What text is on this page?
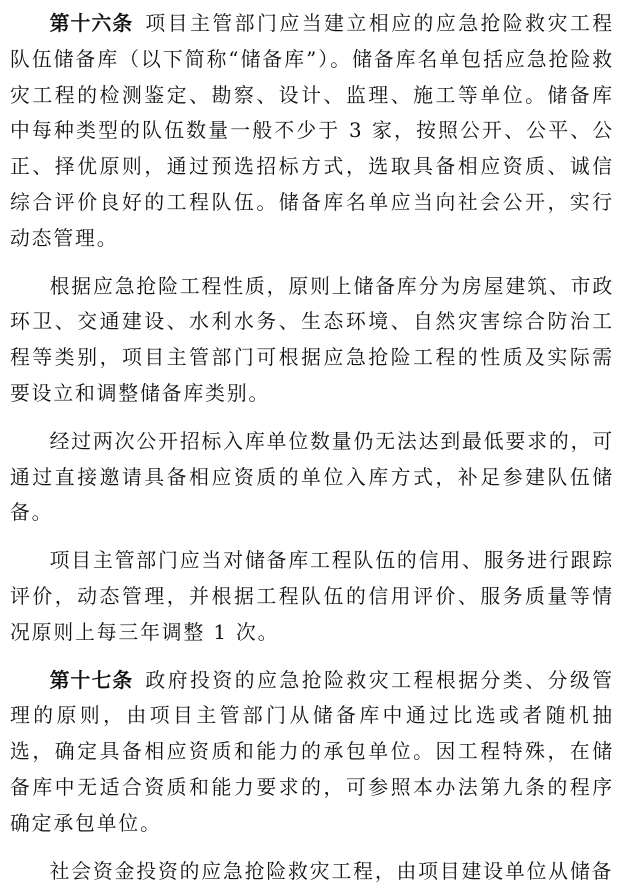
第十六条 项目主管部门应当建立相应的应急抢险救灾工程队伍储备库（以下简称“储备库”）。储备库名单包括应急抢险救灾工程的检测鉴定、勘察、设计、监理、施工等单位。储备库中每种类型的队伍数量一般不少于 3 家，按照公开、公平、公正、择优原则，通过预选招标方式，选取具备相应资质、诚信综合评价良好的工程队伍。储备库名单应当向社会公开，实行动态管理。

根据应急抢险工程性质，原则上储备库分为房屋建筑、市政环卫、交通建设、水利水务、生态环境、自然灾害综合防治工程等类别，项目主管部门可根据应急抢险工程的性质及实际需要设立和调整储备库类别。

经过两次公开招标入库单位数量仍无法达到最低要求的，可通过直接邀请具备相应资质的单位入库方式，补足参建队伍储备。

项目主管部门应当对储备库工程队伍的信用、服务进行跟踪评价，动态管理，并根据工程队伍的信用评价、服务质量等情况原则上每三年调整 1 次。

第十七条 政府投资的应急抢险救灾工程根据分类、分级管理的原则，由项目主管部门从储备库中通过比选或者随机抽选，确定具备相应资质和能力的承包单位。因工程特殊，在储备库中无适合资质和能力要求的，可参照本办法第九条的程序确定承包单位。

社会资金投资的应急抢险救灾工程，由项目建设单位从储备
